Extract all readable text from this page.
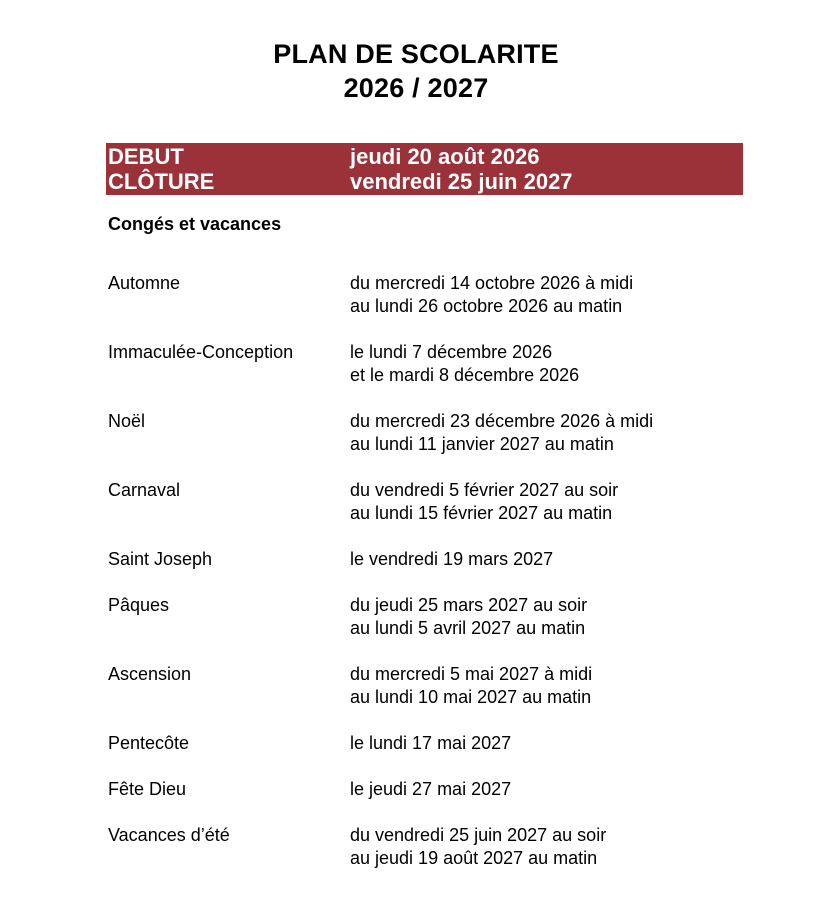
PLAN DE SCOLARITE
2026 / 2027
DEBUT	jeudi 20 août 2026
CLÔTURE	vendredi 25 juin 2027
Congés et vacances
Automne	du mercredi 14 octobre 2026 à midi
au lundi 26 octobre 2026 au matin
Immaculée-Conception	le lundi 7 décembre 2026
et le mardi 8 décembre 2026
Noël	du mercredi 23 décembre 2026 à midi
au lundi 11 janvier 2027 au matin
Carnaval	du vendredi 5 février 2027 au soir
au lundi 15 février 2027 au matin
Saint Joseph	le vendredi 19 mars 2027
Pâques	du jeudi 25 mars 2027 au soir
au lundi 5 avril 2027 au matin
Ascension	du mercredi 5 mai 2027 à midi
au lundi 10 mai 2027 au matin
Pentecôte	le lundi 17 mai 2027
Fête Dieu	le jeudi 27 mai 2027
Vacances d’été	du vendredi 25 juin 2027 au soir
au jeudi 19 août 2027 au matin
